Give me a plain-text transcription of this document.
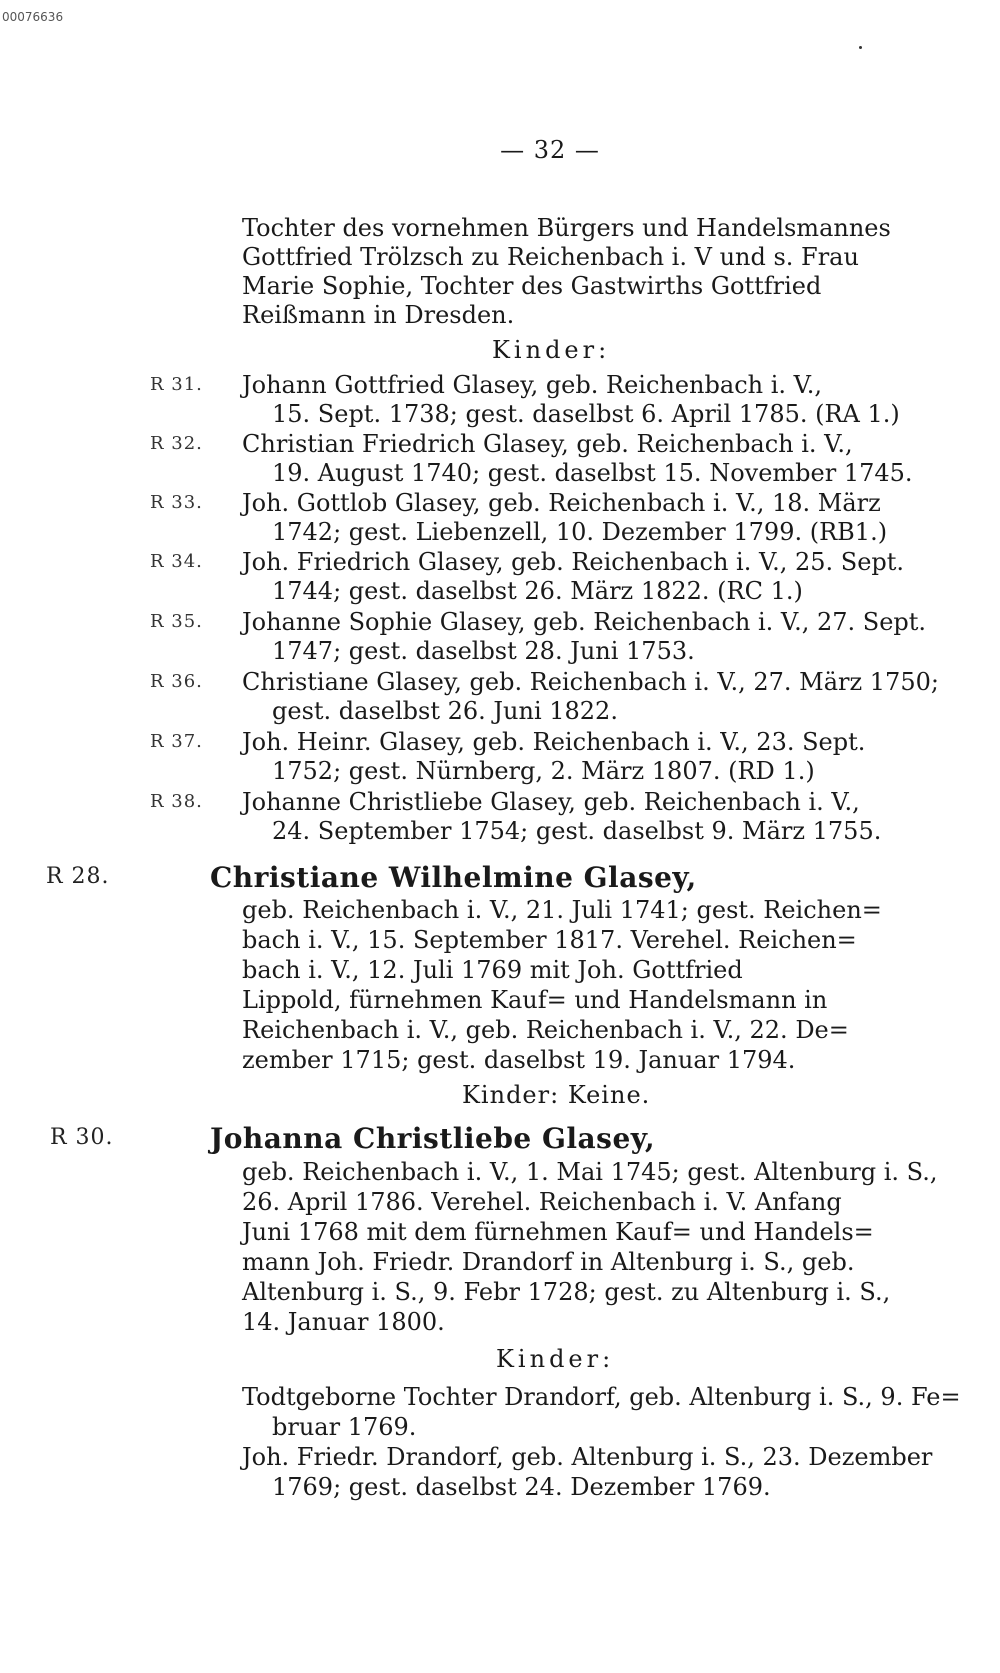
00076636
— 32 —
Tochter des vornehmen Bürgers und Handelsmannes
Gottfried Trölzsch zu Reichenbach i. V und s. Frau
Marie Sophie, Tochter des Gastwirths Gottfried
Reißmann in Dresden.
Kinder:
R 31. Johann Gottfried Glasey, geb. Reichenbach i. V.,
15. Sept. 1738; gest. daselbst 6. April 1785. (RA 1.)
R 32. Christian Friedrich Glasey, geb. Reichenbach i. V.,
19. August 1740; gest. daselbst 15. November 1745.
R 33. Joh. Gottlob Glasey, geb. Reichenbach i. V., 18. März
1742; gest. Liebenzell, 10. Dezember 1799. (RB1.)
R 34. Joh. Friedrich Glasey, geb. Reichenbach i. V., 25. Sept.
1744; gest. daselbst 26. März 1822. (RC 1.)
R 35. Johanne Sophie Glasey, geb. Reichenbach i. V., 27. Sept.
1747; gest. daselbst 28. Juni 1753.
R 36. Christiane Glasey, geb. Reichenbach i. V., 27. März 1750;
gest. daselbst 26. Juni 1822.
R 37. Joh. Heinr. Glasey, geb. Reichenbach i. V., 23. Sept.
1752; gest. Nürnberg, 2. März 1807. (RD 1.)
R 38. Johanne Christliebe Glasey, geb. Reichenbach i. V.,
24. September 1754; gest. daselbst 9. März 1755.
R 28.	Christiane Wilhelmine Glasey,
geb. Reichenbach i. V., 21. Juli 1741; gest. Reichen=
bach i. V., 15. September 1817. Verehel. Reichen=
bach i. V., 12. Juli 1769 mit Joh. Gottfried
Lippold, fürnehmen Kauf= und Handelsmann in
Reichenbach i. V., geb. Reichenbach i. V., 22. De=
zember 1715; gest. daselbst 19. Januar 1794.
Kinder: Keine.
R 30.	Johanna Christliebe Glasey,
geb. Reichenbach i. V., 1. Mai 1745; gest. Altenburg i. S.,
26. April 1786. Verehel. Reichenbach i. V. Anfang
Juni 1768 mit dem fürnehmen Kauf= und Handels=
mann Joh. Friedr. Drandorf in Altenburg i. S., geb.
Altenburg i. S., 9. Febr 1728; gest. zu Altenburg i. S.,
14. Januar 1800.
Kinder:
Todtgeborne Tochter Drandorf, geb. Altenburg i. S., 9. Fe=
bruar 1769.
Joh. Friedr. Drandorf, geb. Altenburg i. S., 23. Dezember
1769; gest. daselbst 24. Dezember 1769.
